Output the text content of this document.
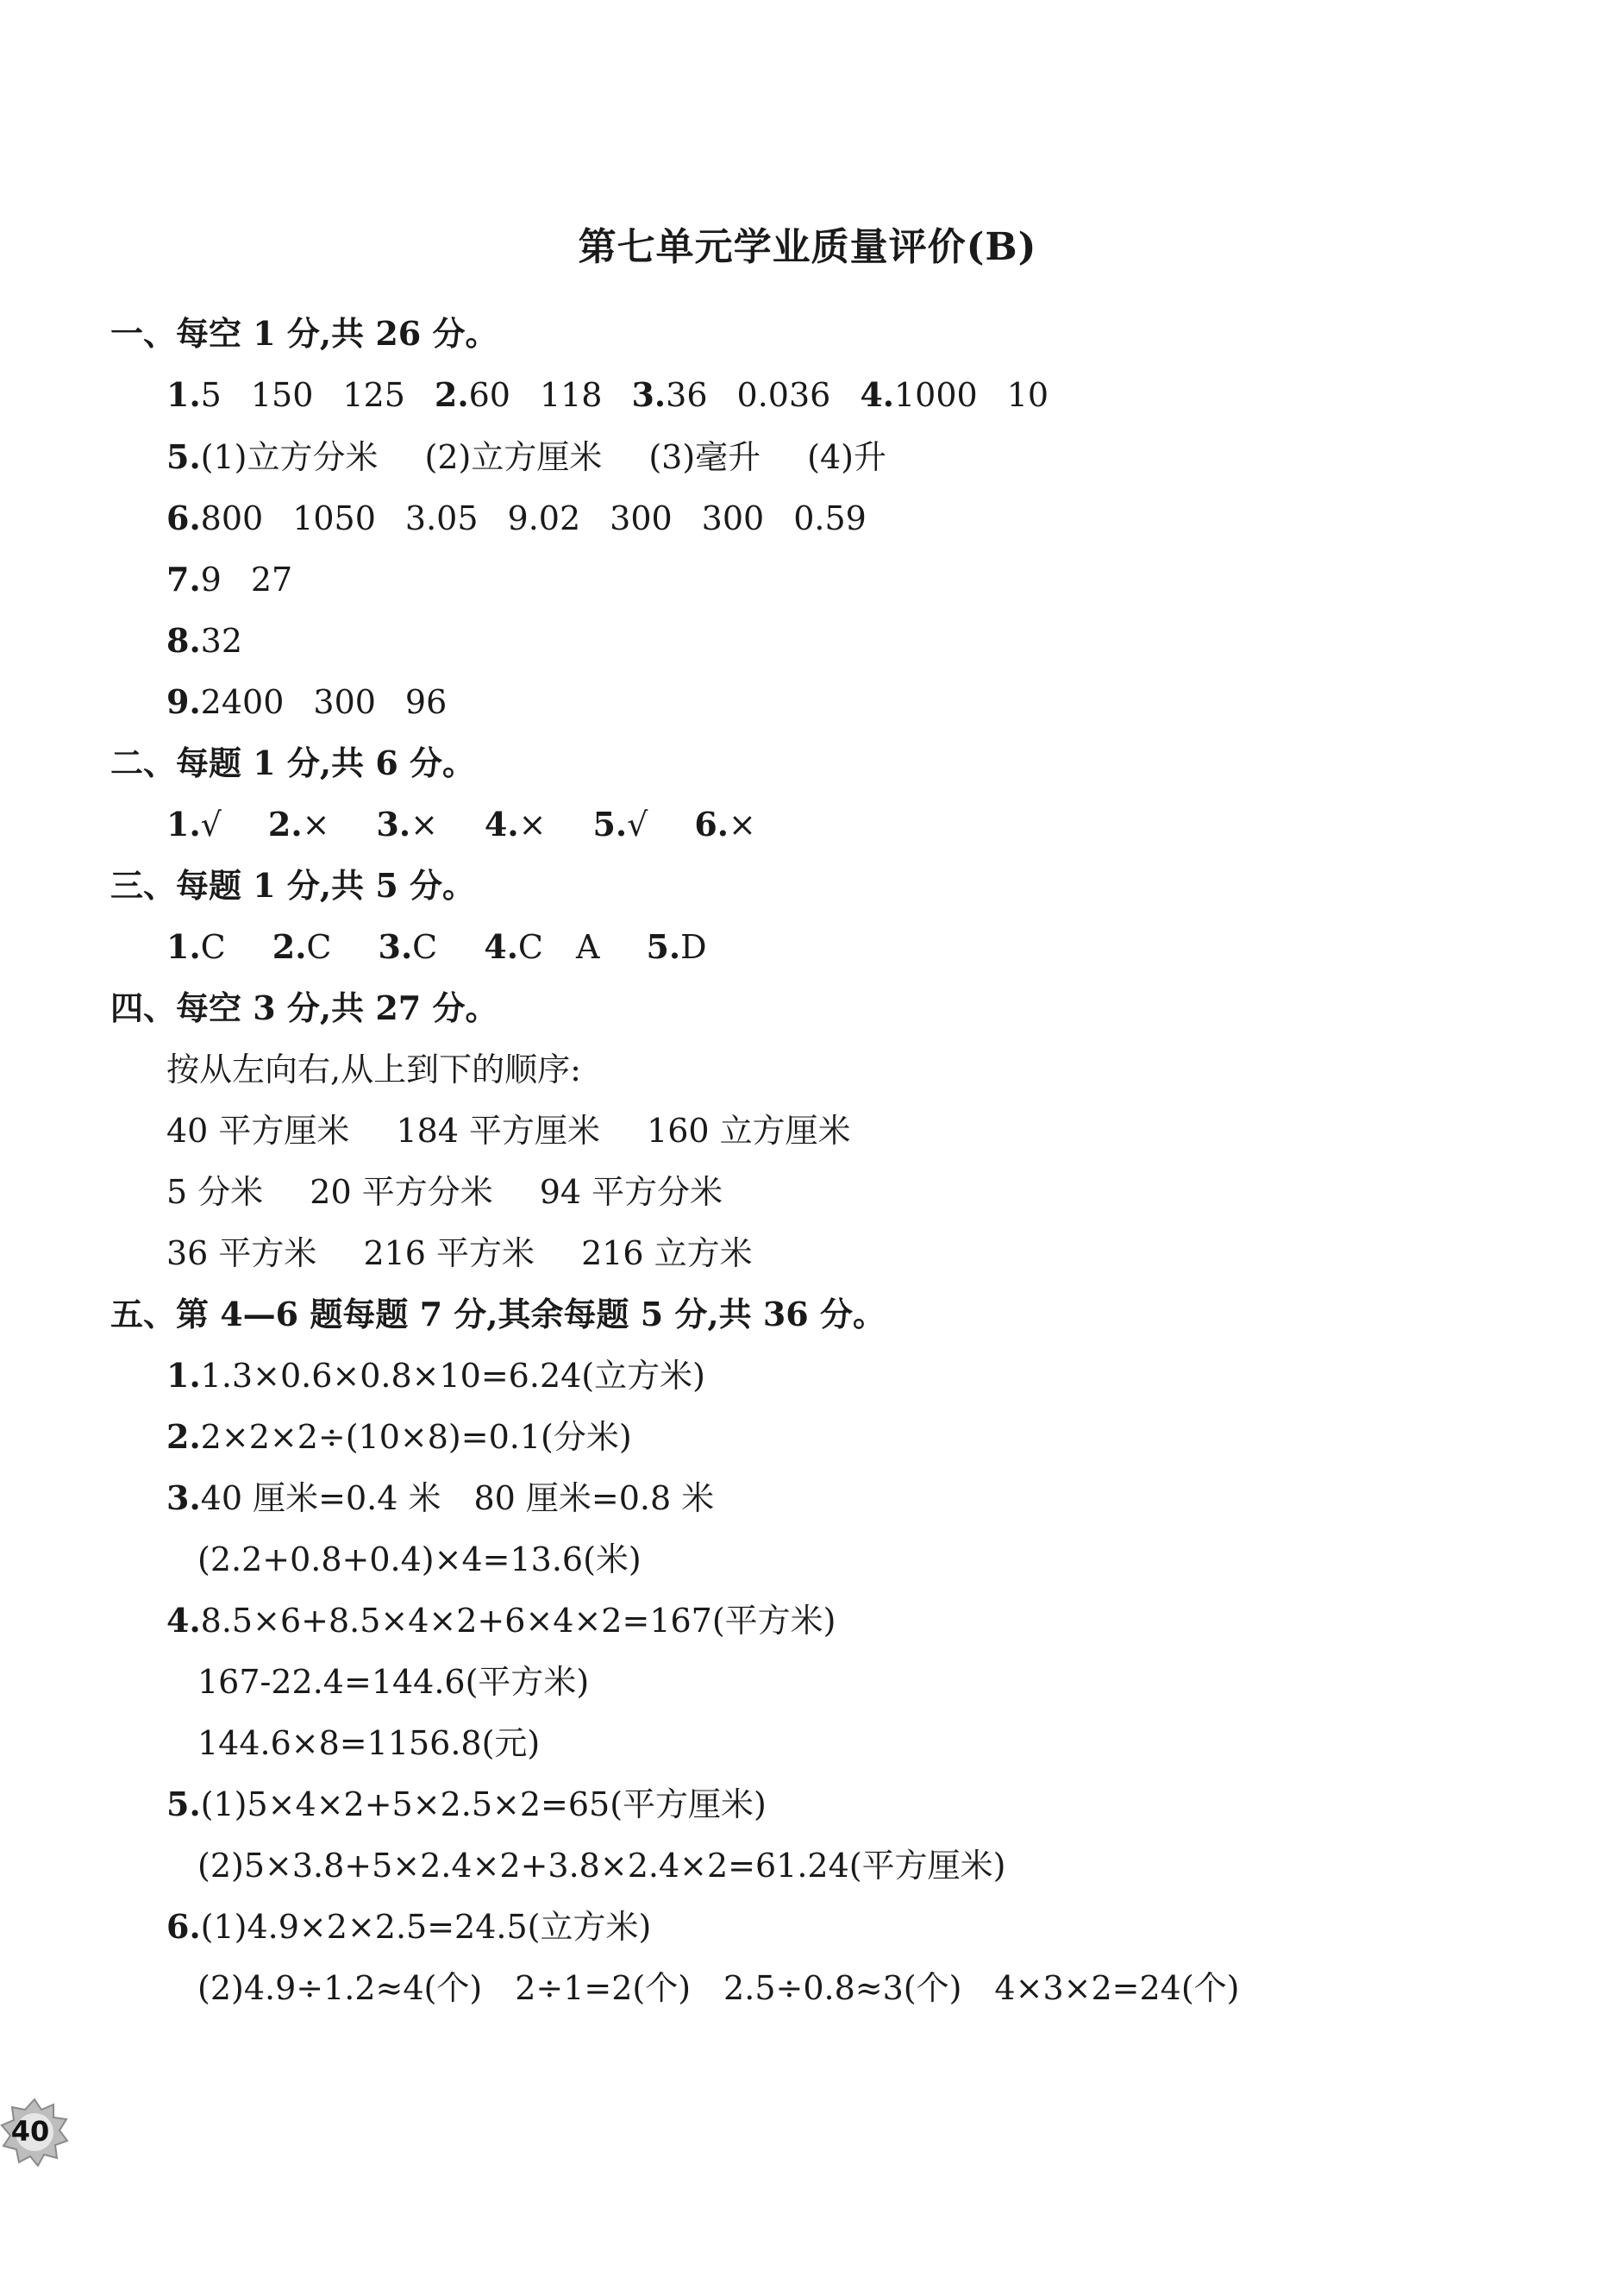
第七单元学业质量评价(B)
一、每空 1 分,共 26 分。
1.5 150 125 2.60 118 3.36 0.036 4.1000 10
5.(1)立方分米 (2)立方厘米 (3)毫升 (4)升
6.800 1050 3.05 9.02 300 300 0.59
7.9 27
8.32
9.2400 300 96
二、每题 1 分,共 6 分。
1.√ 2.× 3.× 4.× 5.√ 6.×
三、每题 1 分,共 5 分。
1.C 2.C 3.C 4.C　A 5.D
四、每空 3 分,共 27 分。
按从左向右,从上到下的顺序:
40 平方厘米 184 平方厘米 160 立方厘米
5 分米 20 平方分米 94 平方分米
36 平方米 216 平方米 216 立方米
五、第 4—6 题每题 7 分,其余每题 5 分,共 36 分。
1.1.3×0.6×0.8×10=6.24(立方米)
2.2×2×2÷(10×8)=0.1(分米)
3.40 厘米=0.4 米　80 厘米=0.8 米
(2.2+0.8+0.4)×4=13.6(米)
4.8.5×6+8.5×4×2+6×4×2=167(平方米)
167-22.4=144.6(平方米)
144.6×8=1156.8(元)
5.(1)5×4×2+5×2.5×2=65(平方厘米)
(2)5×3.8+5×2.4×2+3.8×2.4×2=61.24(平方厘米)
6.(1)4.9×2×2.5=24.5(立方米)
(2)4.9÷1.2≈4(个)　2÷1=2(个)　2.5÷0.8≈3(个)　4×3×2=24(个)
40
